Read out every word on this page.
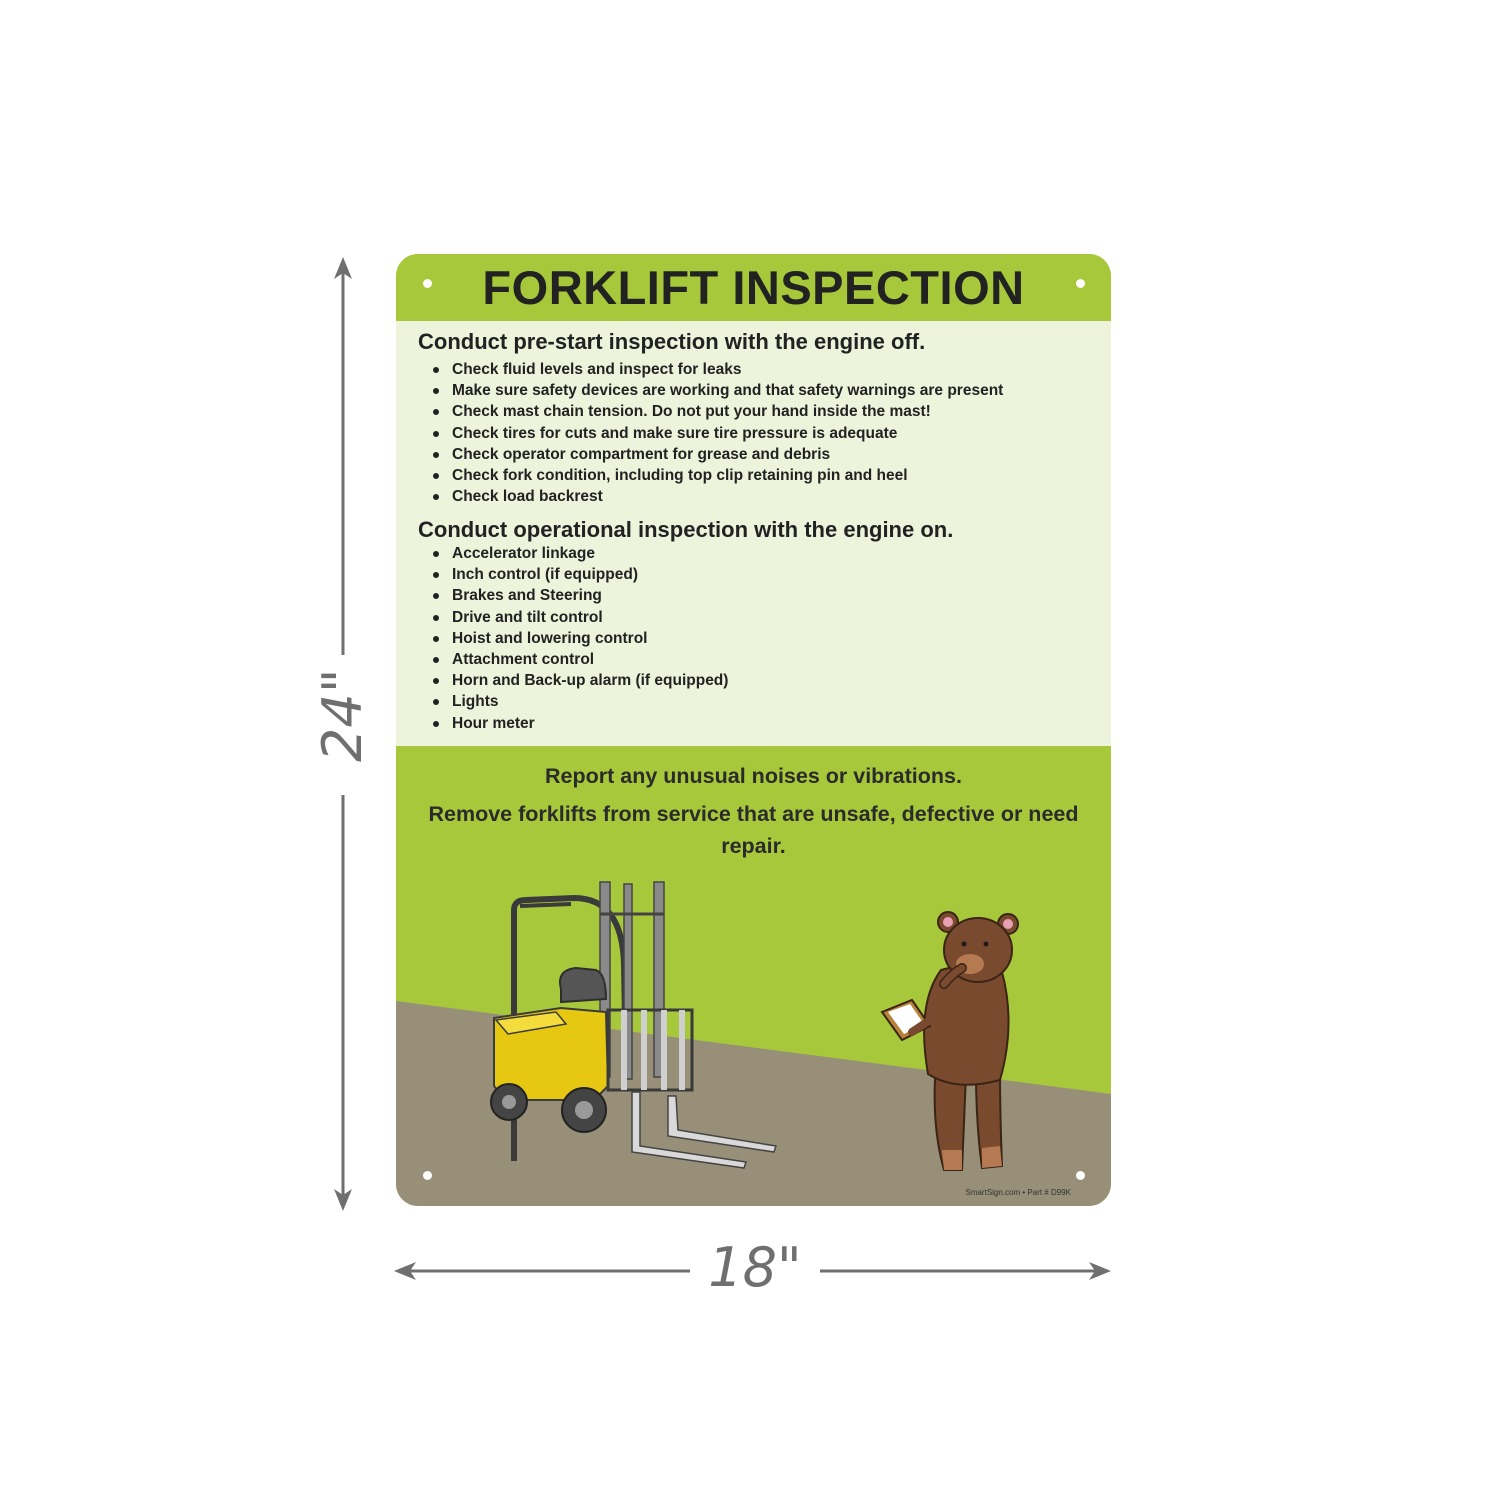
24"
18"
FORKLIFT INSPECTION
Conduct pre-start inspection with the engine off.
Check fluid levels and inspect for leaks
Make sure safety devices are working and that safety warnings are present
Check mast chain tension. Do not put your hand inside the mast!
Check tires for cuts and make sure tire pressure is adequate
Check operator compartment for grease and debris
Check fork condition, including top clip retaining pin and heel
Check load backrest
Conduct operational inspection with the engine on.
Accelerator linkage
Inch control (if equipped)
Brakes and Steering
Drive and tilt control
Hoist and lowering control
Attachment control
Horn and Back-up alarm (if equipped)
Lights
Hour meter
Report any unusual noises or vibrations.
Remove forklifts from service that are unsafe, defective or need repair.
SmartSign.com • Part # D99K
